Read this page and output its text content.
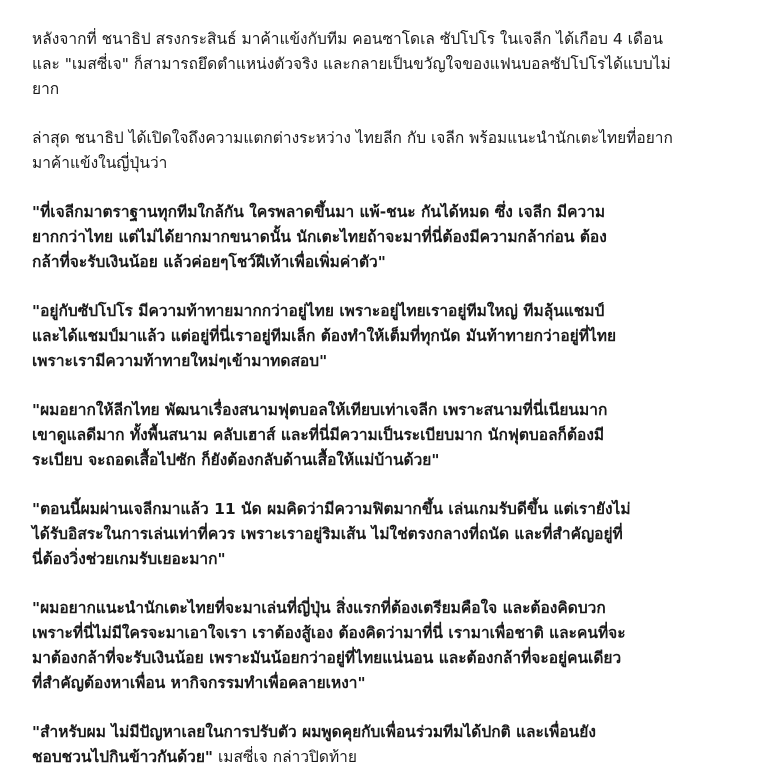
หลังจากที่ ชนาธิป สรงกระสินธ์ มาค้าแข้งกับทีม คอนซาโดเล ซัปโปโร ในเจลีก ได้เกือบ 4 เดือน
และ "เมสซี่เจ" ก็สามารถยึดตำแหน่งตัวจริง และกลายเป็นขวัญใจของแฟนบอลซัปโปโรได้แบบไม่
ยาก

ล่าสุด ชนาธิป ได้เปิดใจถึงความแตกต่างระหว่าง ไทยลีก กับ เจลีก พร้อมแนะนำนักเตะไทยที่อยาก
มาค้าแข้งในญี่ปุ่นว่า

"ที่เจลีกมาตราฐานทุกทีมใกล้กัน ใครพลาดขึ้นมา แพ้-ชนะ กันได้หมด ซึ่ง เจลีก มีความ
ยากกว่าไทย แต่ไม่ได้ยากมากขนาดนั้น นักเตะไทยถ้าจะมาที่นี่ต้องมีความกล้าก่อน ต้อง
กล้าที่จะรับเงินน้อย แล้วค่อยๆโชว์ฝีเท้าเพื่อเพิ่มค่าตัว"

"อยู่กับซัปโปโร มีความท้าทายมากกว่าอยู่ไทย เพราะอยู่ไทยเราอยู่ทีมใหญ่ ทีมลุ้นแชมป์
และได้แชมป์มาแล้ว แต่อยู่ที่นี่เราอยู่ทีมเล็ก ต้องทำให้เต็มที่ทุกนัด มันท้าทายกว่าอยู่ที่ไทย
เพราะเรามีความท้าทายใหม่ๆเข้ามาทดสอบ"

"ผมอยากให้ลีกไทย พัฒนาเรื่องสนามฟุตบอลให้เทียบเท่าเจลีก เพราะสนามที่นี่เนียนมาก
เขาดูแลดีมาก ทั้งพื้นสนาม คลับเฮาส์ และที่นี่มีความเป็นระเบียบมาก นักฟุตบอลก็ต้องมี
ระเบียบ จะถอดเสื้อไปซัก ก็ยังต้องกลับด้านเสื้อให้แม่บ้านด้วย"

"ตอนนี้ผมผ่านเจลีกมาแล้ว 11 นัด ผมคิดว่ามีความฟิตมากขึ้น เล่นเกมรับดีขึ้น แต่เรายังไม่
ได้รับอิสระในการเล่นเท่าที่ควร เพราะเราอยู่ริมเส้น ไม่ใช่ตรงกลางที่ถนัด และที่สำคัญอยู่ที่
นี่ต้องวิ่งช่วยเกมรับเยอะมาก"

"ผมอยากแนะนำนักเตะไทยที่จะมาเล่นที่ญี่ปุ่น สิ่งแรกที่ต้องเตรียมคือใจ และต้องคิดบวก
เพราะที่นี่ไม่มีใครจะมาเอาใจเรา เราต้องสู้เอง ต้องคิดว่ามาที่นี่ เรามาเพื่อชาติ และคนที่จะ
มาต้องกล้าที่จะรับเงินน้อย เพราะมันน้อยกว่าอยู่ที่ไทยแน่นอน และต้องกล้าที่จะอยู่คนเดียว
ที่สำคัญต้องหาเพื่อน หากิจกรรมทำเพื่อคลายเหงา"

"สำหรับผม ไม่มีปัญหาเลยในการปรับตัว ผมพูดคุยกับเพื่อนร่วมทีมได้ปกติ และเพื่อนยัง
ชอบชวนไปกินข้าวกันด้วย" เมสซี่เจ กล่าวปิดท้าย
